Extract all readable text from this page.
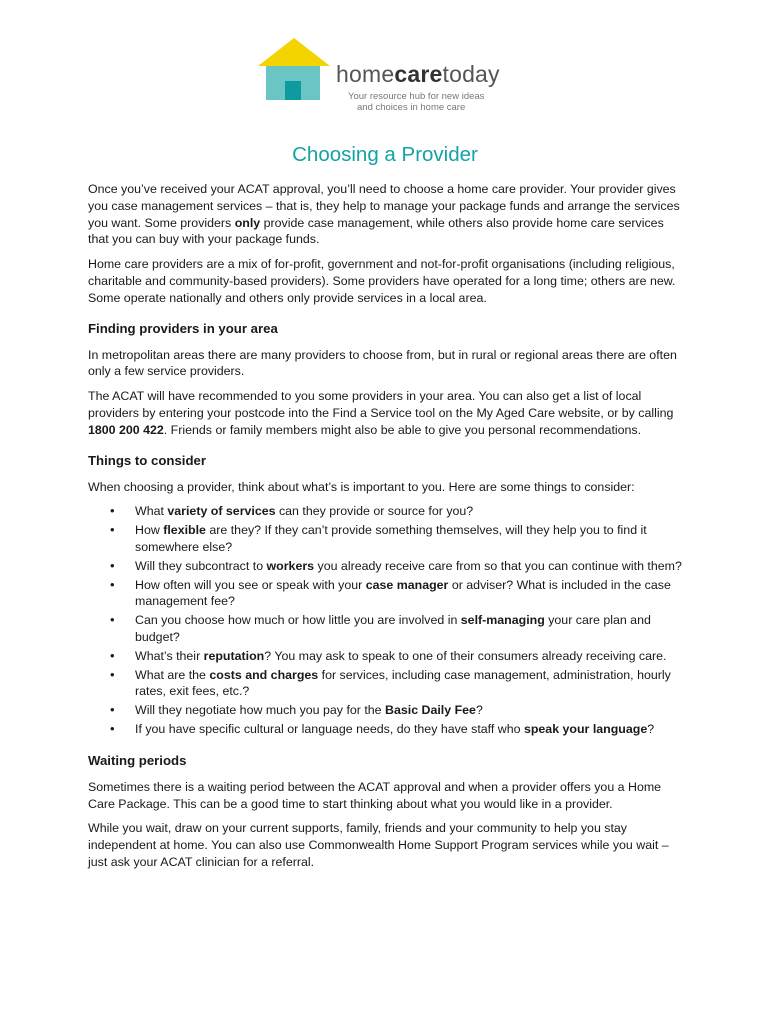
homecaretoday
Your resource hub for new ideas
and choices in home care
Choosing a Provider

Once you’ve received your ACAT approval, you’ll need to choose a home care provider. Your provider gives you case management services – that is, they help to manage your package funds and arrange the services you want. Some providers only provide case management, while others also provide home care services that you can buy with your package funds.

Home care providers are a mix of for-profit, government and not-for-profit organisations (including religious, charitable and community-based providers). Some providers have operated for a long time; others are new. Some operate nationally and others only provide services in a local area.

Finding providers in your area

In metropolitan areas there are many providers to choose from, but in rural or regional areas there are often only a few service providers.

The ACAT will have recommended to you some providers in your area. You can also get a list of local providers by entering your postcode into the Find a Service tool on the My Aged Care website, or by calling 1800 200 422. Friends or family members might also be able to give you personal recommendations.

Things to consider

When choosing a provider, think about what’s is important to you. Here are some things to consider:

• What variety of services can they provide or source for you?
• How flexible are they? If they can’t provide something themselves, will they help you to find it somewhere else?
• Will they subcontract to workers you already receive care from so that you can continue with them?
• How often will you see or speak with your case manager or adviser? What is included in the case management fee?
• Can you choose how much or how little you are involved in self-managing your care plan and budget?
• What’s their reputation? You may ask to speak to one of their consumers already receiving care.
• What are the costs and charges for services, including case management, administration, hourly rates, exit fees, etc.?
• Will they negotiate how much you pay for the Basic Daily Fee?
• If you have specific cultural or language needs, do they have staff who speak your language?
Waiting periods

Sometimes there is a waiting period between the ACAT approval and when a provider offers you a Home Care Package. This can be a good time to start thinking about what you would like in a provider.

While you wait, draw on your current supports, family, friends and your community to help you stay independent at home. You can also use Commonwealth Home Support Program services while you wait – just ask your ACAT clinician for a referral.
